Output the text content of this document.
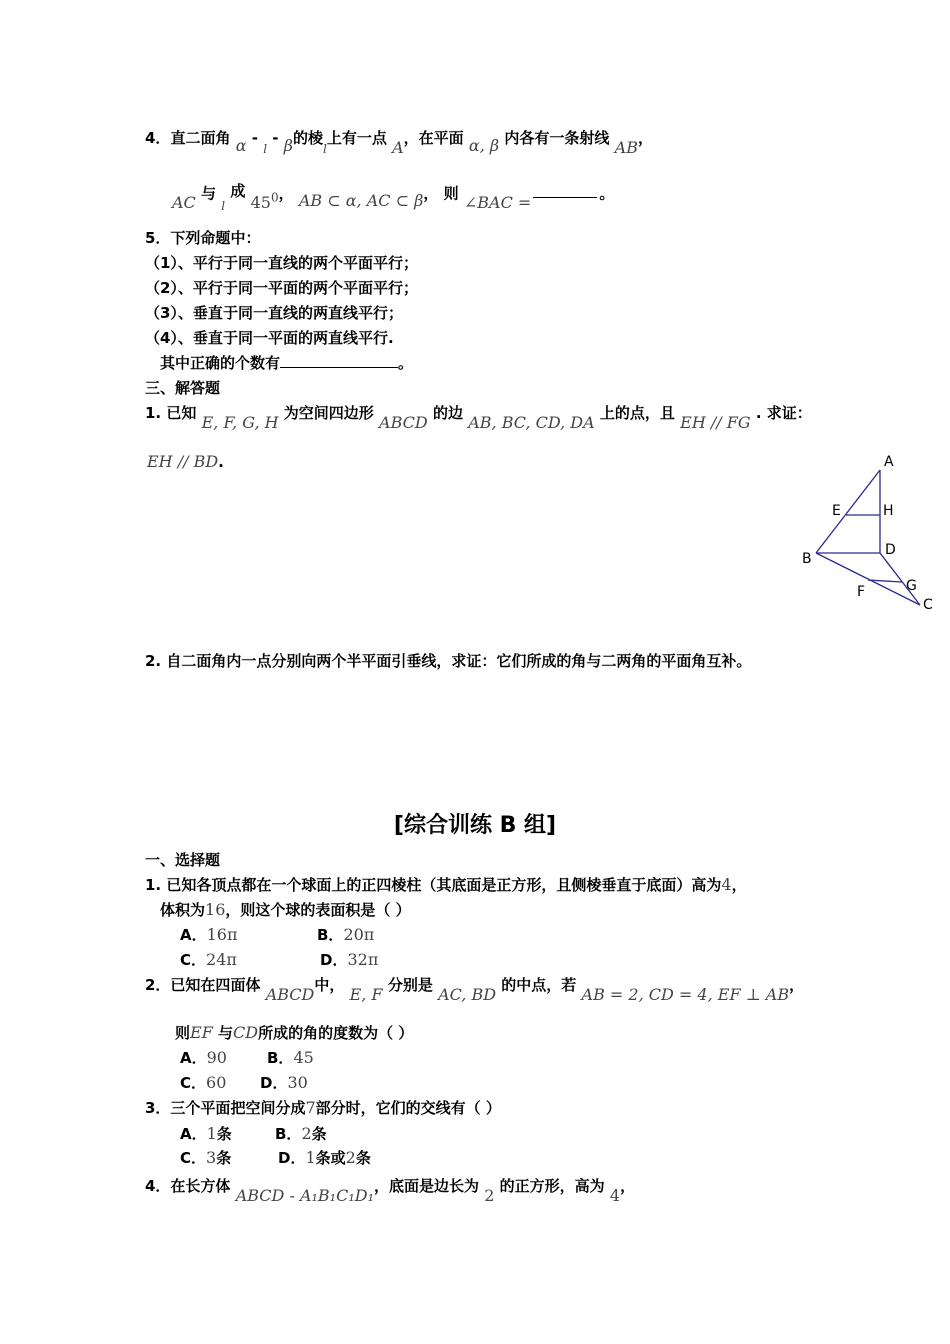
4．直二面角 α - $_l$ - β的棱$_l$上有一点 A，在平面 α, β 内各有一条射线 AB，
AC 与 $_l$ 成 $45^0$， AB ⊂ α, AC ⊂ β， 则 ∠BAC =	。
5．下列命题中：
（1）、平行于同一直线的两个平面平行；
（2）、平行于同一平面的两个平面平行；
（3）、垂直于同一直线的两直线平行；
（4）、垂直于同一平面的两直线平行.
其中正确的个数有	。
三、解答题
1. 已知 E, F, G, H 为空间四边形 ABCD 的边 AB, BC, CD, DA 上的点，且 EH // FG . 求证：
EH // BD.	A
E	H
B
D
G
F
C
2. 自二面角内一点分别向两个半平面引垂线，求证：它们所成的角与二两角的平面角互补。
[综合训练 B 组]
一、选择题
1. 已知各顶点都在一个球面上的正四棱柱（其底面是正方形，且侧棱垂直于底面）高为4，
体积为16，则这个球的表面积是（ ）
A．16π	B．20π
C．24π	D．32π
2．已知在四面体 ABCD中， E, F 分别是 AC, BD 的中点，若 AB = 2, CD = 4, EF ⊥ AB，
则EF 与CD所成的角的度数为（ ）
A．90	B．45
C．60 D．30
3．三个平面把空间分成7部分时，它们的交线有（ ）
A．1条	B．2条
C．3条	D．1条或2条
4．在长方体 ABCD - A₁B₁C₁D₁，底面是边长为 2 的正方形，高为 4，
